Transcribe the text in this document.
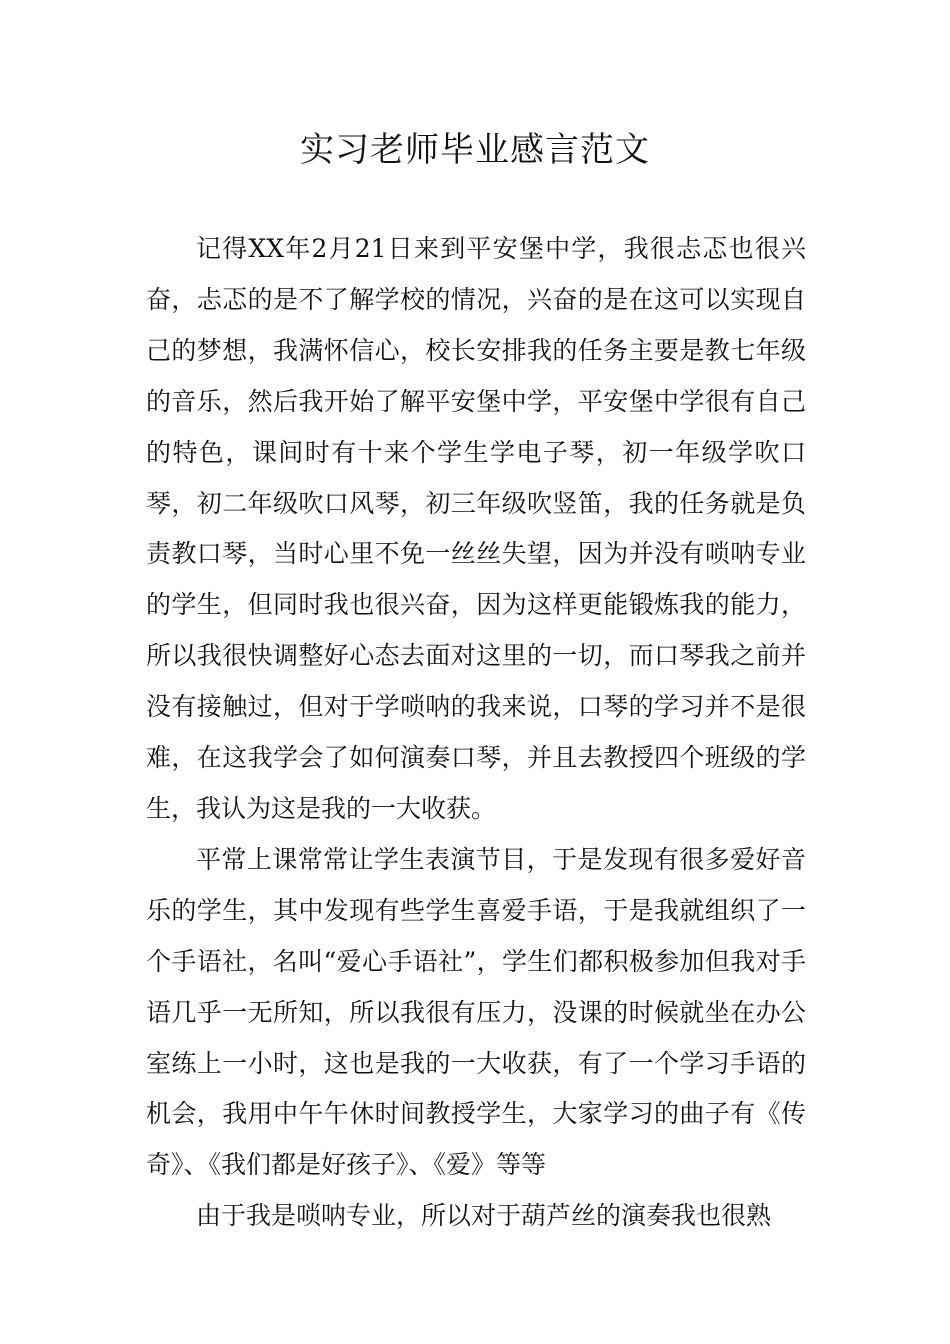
实习老师毕业感言范文

记得XX年2月21日来到平安堡中学，我很忐忑也很兴奋，忐忑的是不了解学校的情况，兴奋的是在这可以实现自己的梦想，我满怀信心，校长安排我的任务主要是教七年级的音乐，然后我开始了解平安堡中学，平安堡中学很有自己的特色，课间时有十来个学生学电子琴，初一年级学吹口琴，初二年级吹口风琴，初三年级吹竖笛，我的任务就是负责教口琴，当时心里不免一丝丝失望，因为并没有唢呐专业的学生，但同时我也很兴奋，因为这样更能锻炼我的能力，所以我很快调整好心态去面对这里的一切，而口琴我之前并没有接触过，但对于学唢呐的我来说，口琴的学习并不是很难，在这我学会了如何演奏口琴，并且去教授四个班级的学生，我认为这是我的一大收获。

平常上课常常让学生表演节目，于是发现有很多爱好音乐的学生，其中发现有些学生喜爱手语，于是我就组织了一个手语社，名叫“爱心手语社”，学生们都积极参加但我对手语几乎一无所知，所以我很有压力，没课的时候就坐在办公室练上一小时，这也是我的一大收获，有了一个学习手语的机会，我用中午午休时间教授学生，大家学习的曲子有《传奇》、《我们都是好孩子》、《爱》等等

由于我是唢呐专业，所以对于葫芦丝的演奏我也很熟
